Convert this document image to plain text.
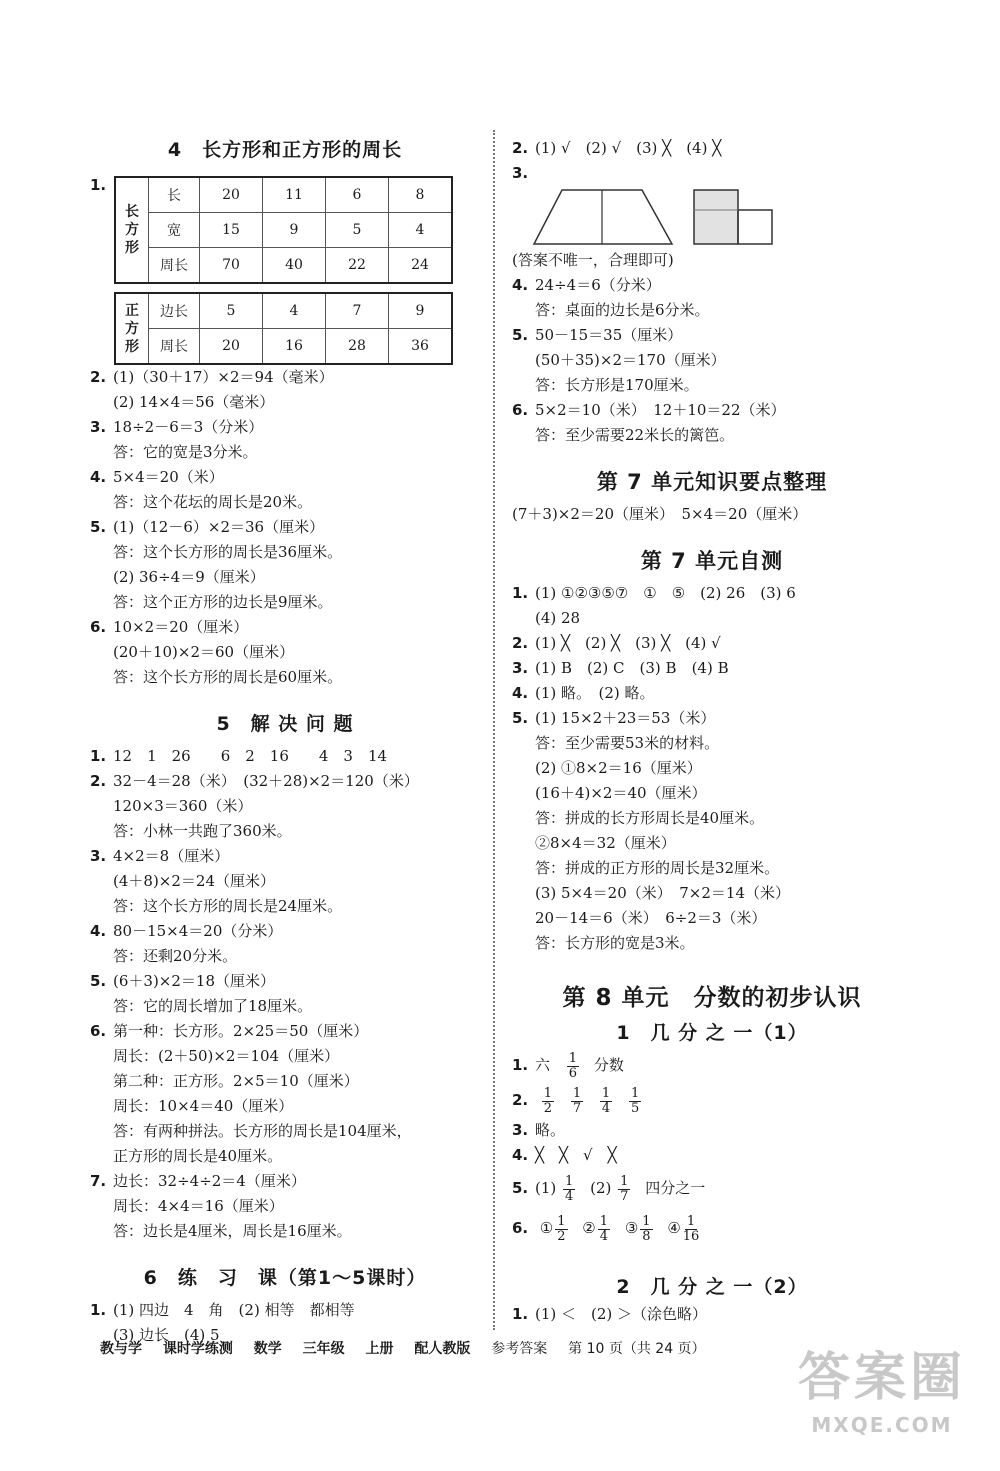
4　长方形和正方形的周长
1.
长
方
形	长	20	11	6	8
	宽	15	9	5	4
	周长	70	40	22	24
正
方
形	边长	5	4	7	9
	周长	20	16	28	36
2. (1)（30＋17）×2＝94（毫米）
(2) 14×4＝56（毫米）
3. 18÷2－6＝3（分米）
答：它的宽是3分米。
4. 5×4＝20（米）
答：这个花坛的周长是20米。
5. (1)（12－6）×2＝36（厘米）
答：这个长方形的周长是36厘米。
(2) 36÷4＝9（厘米）
答：这个正方形的边长是9厘米。
6. 10×2＝20（厘米）
(20＋10)×2＝60（厘米）
答：这个长方形的周长是60厘米。
5　解 决 问 题
1. 12　1　26　　6　2　16　　4　3　14
2. 32－4＝28（米）　(32＋28)×2＝120（米）
120×3＝360（米）
答：小林一共跑了360米。
3. 4×2＝8（厘米）
(4＋8)×2＝24（厘米）
答：这个长方形的周长是24厘米。
4. 80－15×4＝20（分米）
答：还剩20分米。
5. (6＋3)×2＝18（厘米）
答：它的周长增加了18厘米。
6. 第一种：长方形。2×25＝50（厘米）
周长：(2＋50)×2＝104（厘米）
第二种：正方形。2×5＝10（厘米）
周长：10×4＝40（厘米）
答：有两种拼法。长方形的周长是104厘米，
正方形的周长是40厘米。
7. 边长：32÷4÷2＝4（厘米）
周长：4×4＝16（厘米）
答：边长是4厘米，周长是16厘米。
6　练　习　课（第1～5课时）
1. (1) 四边　4　角　(2) 相等　都相等
(3) 边长　(4) 5
2. (1) √　(2) √　(3) ╳　(4) ╳
3.
(答案不唯一，合理即可)
4. 24÷4＝6（分米）
答：桌面的边长是6分米。
5. 50－15＝35（厘米）
(50＋35)×2＝170（厘米）
答：长方形是170厘米。
6. 5×2＝10（米）　12＋10＝22（米）
答：至少需要22米长的篱笆。
第 7 单元知识要点整理
(7＋3)×2＝20（厘米）　5×4＝20（厘米）
第 7 单元自测
1. (1) ①②③⑤⑦　①　⑤　(2) 26　(3) 6
(4) 28
2. (1) ╳　(2) ╳　(3) ╳　(4) √
3. (1) B　(2) C　(3) B　(4) B
4. (1) 略。　(2) 略。
5. (1) 15×2＋23＝53（米）
答：至少需要53米的材料。
(2) ①8×2＝16（厘米）
(16＋4)×2＝40（厘米）
答：拼成的长方形周长是40厘米。
②8×4＝32（厘米）
答：拼成的正方形的周长是32厘米。
(3) 5×4＝20（米）　7×2＝14（米）
20－14＝6（米）　6÷2＝3（米）
答：长方形的宽是3米。
第 8 单元　分数的初步认识
1　几 分 之 一（1）
1. 六 $\frac{1}{6}$ 分数
2. $\frac{1}{2}$
$\frac{1}{7}$
$\frac{1}{4}$
$\frac{1}{5}$
3. 略。
4. ╳　╳　√　╳
5. $(1) \frac{1}{4} (2) \frac{1}{7}$ 四分之一
6. ① $\frac{1}{2}$ ② $\frac{1}{4}$ ③ $\frac{1}{8}$ ④ $\frac{1}{16}$
2　几 分 之 一（2）
1. (1) ＜　(2) ＞（涂色略）
教与学 课时学练测 数学 三年级 上册 配人教版 参考答案 第 10 页（共 24 页）	答案圈
MXQE.COM
